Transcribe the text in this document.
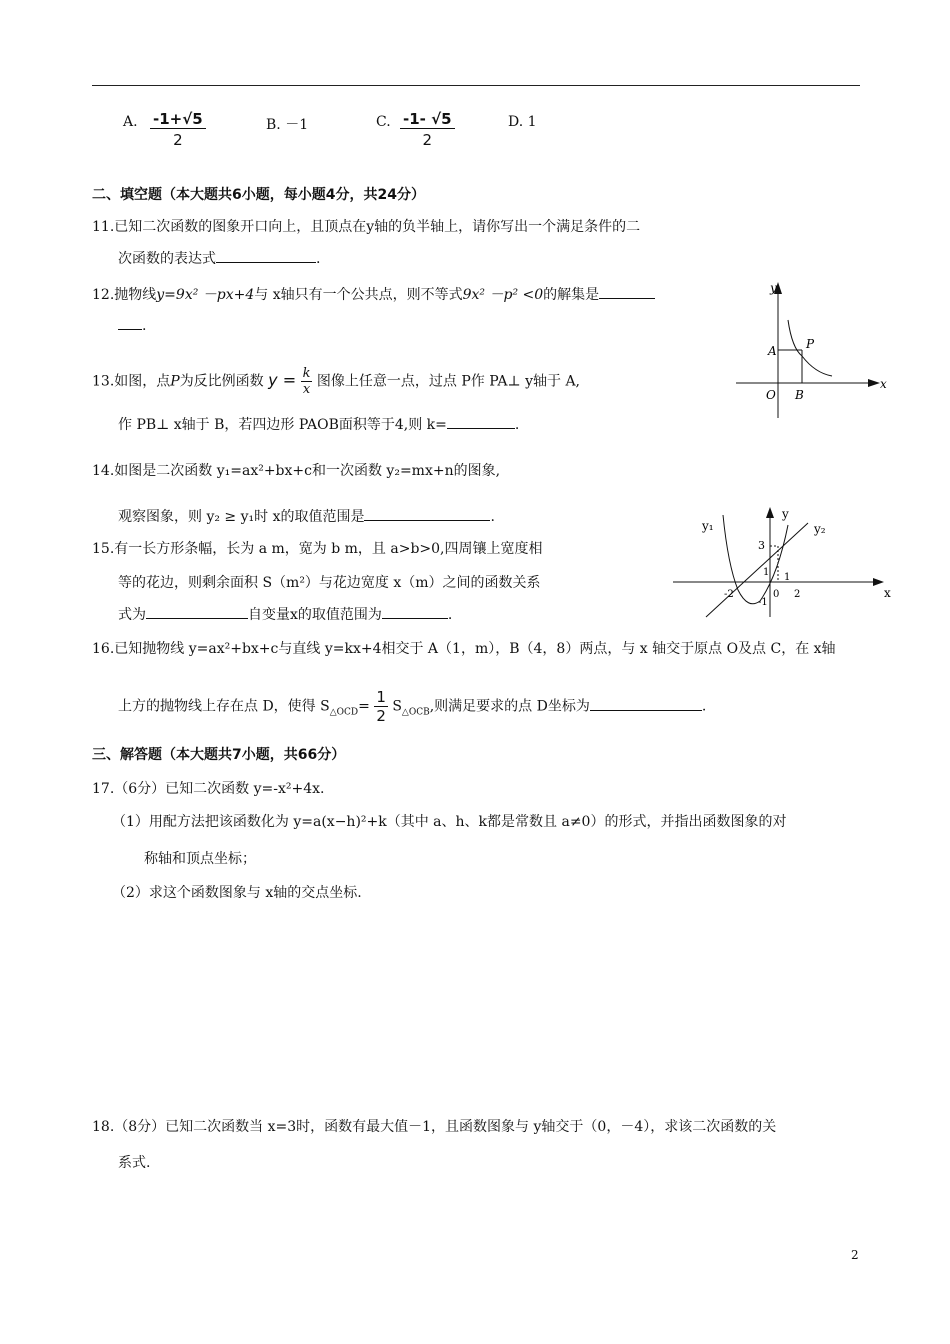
A. $\frac{-1+√5}{2}$	B. －1	C. $\frac{-1- √5}{2}$	D. 1
二、填空题（本大题共6小题，每小题4分，共24分）
11.已知二次函数的图象开口向上，且顶点在y轴的负半轴上，请你写出一个满足条件的二
次函数的表达式	.
12.抛物线y=9x² －px+4与 x轴只有一个公共点，则不等式9x² －p² <0的解集是
.
13.如图，点P为反比例函数 $y = \frac{k}{x}$ 图像上任意一点，过点 P作 PA⊥ y轴于 A,
作 PB⊥ x轴于 B，若四边形 PAOB面积等于4,则 k=	.
y
x
O B
A P
14.如图是二次函数 y₁=ax²+bx+c和一次函数 y₂=mx+n的图象,
观察图象，则 y₂ ≥ y₁时 x的取值范围是	.
15.有一长方形条幅，长为 a m，宽为 b m，且 a>b>0,四周镶上宽度相
等的花边，则剩余面积 S（m²）与花边宽度 x（m）之间的函数关系
式为	自变量x的取值范围为	.
y₁	y₂
y
x
3
1
-1
-2	0
1
2
16.已知抛物线 y=ax²+bx+c与直线 y=kx+4相交于 A（1，m），B（4，8）两点，与 x 轴交于原点 O及点 C，在 x轴
上方的抛物线上存在点 D，使得 $S_{\triangle OCD}= \frac{1}{2} S_{\triangle OCB}$,则满足要求的点 D坐标为	.
三、解答题（本大题共7小题，共66分）
17.（6分）已知二次函数 y=-x²+4x.
（1）用配方法把该函数化为 y=a(x−h)²+k（其中 a、h、k都是常数且 a≠0）的形式，并指出函数图象的对
称轴和顶点坐标；
（2）求这个函数图象与 x轴的交点坐标.
18.（8分）已知二次函数当 x=3时，函数有最大值－1，且函数图象与 y轴交于（0，－4），求该二次函数的关
系式.
2
